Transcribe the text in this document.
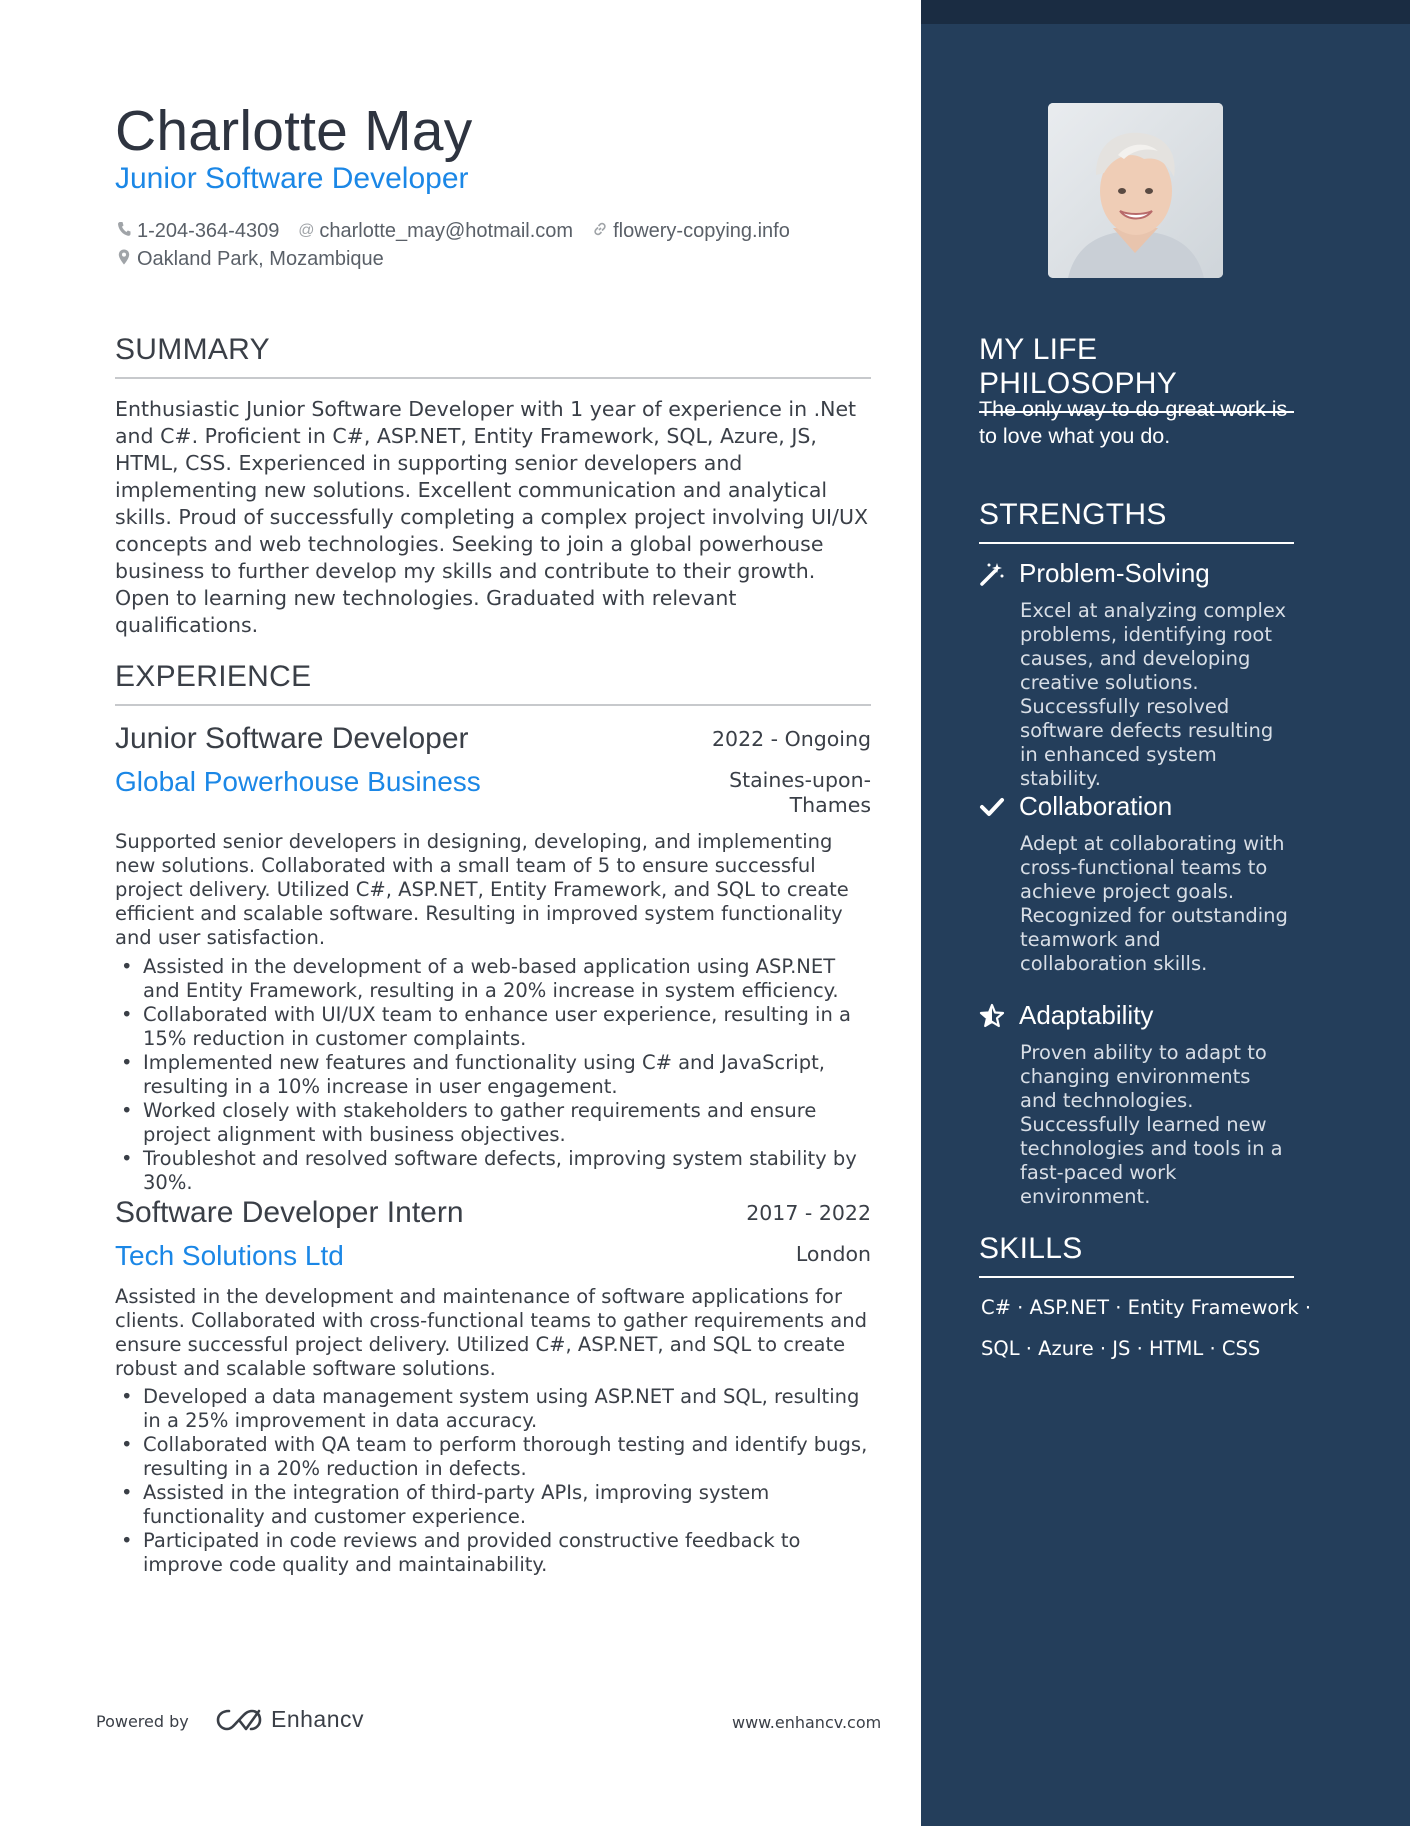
Charlotte May
Junior Software Developer
1-204-364-4309 @ charlotte_may@hotmail.com flowery-copying.info
Oakland Park, Mozambique
SUMMARY
Enthusiastic Junior Software Developer with 1 year of experience in .Net and C#. Proficient in C#, ASP.NET, Entity Framework, SQL, Azure, JS, HTML, CSS. Experienced in supporting senior developers and implementing new solutions. Excellent communication and analytical skills. Proud of successfully completing a complex project involving UI/UX concepts and web technologies. Seeking to join a global powerhouse business to further develop my skills and contribute to their growth. Open to learning new technologies. Graduated with relevant qualifications.
EXPERIENCE
Junior Software Developer	2022 - Ongoing
Global Powerhouse Business	Staines-upon-Thames
Supported senior developers in designing, developing, and implementing new solutions. Collaborated with a small team of 5 to ensure successful project delivery. Utilized C#, ASP.NET, Entity Framework, and SQL to create efficient and scalable software. Resulting in improved system functionality and user satisfaction.
• Assisted in the development of a web-based application using ASP.NET and Entity Framework, resulting in a 20% increase in system efficiency.
• Collaborated with UI/UX team to enhance user experience, resulting in a 15% reduction in customer complaints.
• Implemented new features and functionality using C# and JavaScript, resulting in a 10% increase in user engagement.
• Worked closely with stakeholders to gather requirements and ensure project alignment with business objectives.
• Troubleshot and resolved software defects, improving system stability by 30%.
Software Developer Intern	2017 - 2022
Tech Solutions Ltd	London
Assisted in the development and maintenance of software applications for clients. Collaborated with cross-functional teams to gather requirements and ensure successful project delivery. Utilized C#, ASP.NET, and SQL to create robust and scalable software solutions.
• Developed a data management system using ASP.NET and SQL, resulting in a 25% improvement in data accuracy.
• Collaborated with QA team to perform thorough testing and identify bugs, resulting in a 20% reduction in defects.
• Assisted in the integration of third-party APIs, improving system functionality and customer experience.
• Participated in code reviews and provided constructive feedback to improve code quality and maintainability.
Powered by	Enhancv	www.enhancv.com
MY LIFE PHILOSOPHY
The only way to do great work is to love what you do.
STRENGTHS
Problem-Solving
Excel at analyzing complex problems, identifying root causes, and developing creative solutions. Successfully resolved software defects resulting in enhanced system stability.
Collaboration
Adept at collaborating with cross-functional teams to achieve project goals. Recognized for outstanding teamwork and collaboration skills.
Adaptability
Proven ability to adapt to changing environments and technologies. Successfully learned new technologies and tools in a fast-paced work environment.
SKILLS
C# · ASP.NET · Entity Framework ·
SQL · Azure · JS · HTML · CSS
